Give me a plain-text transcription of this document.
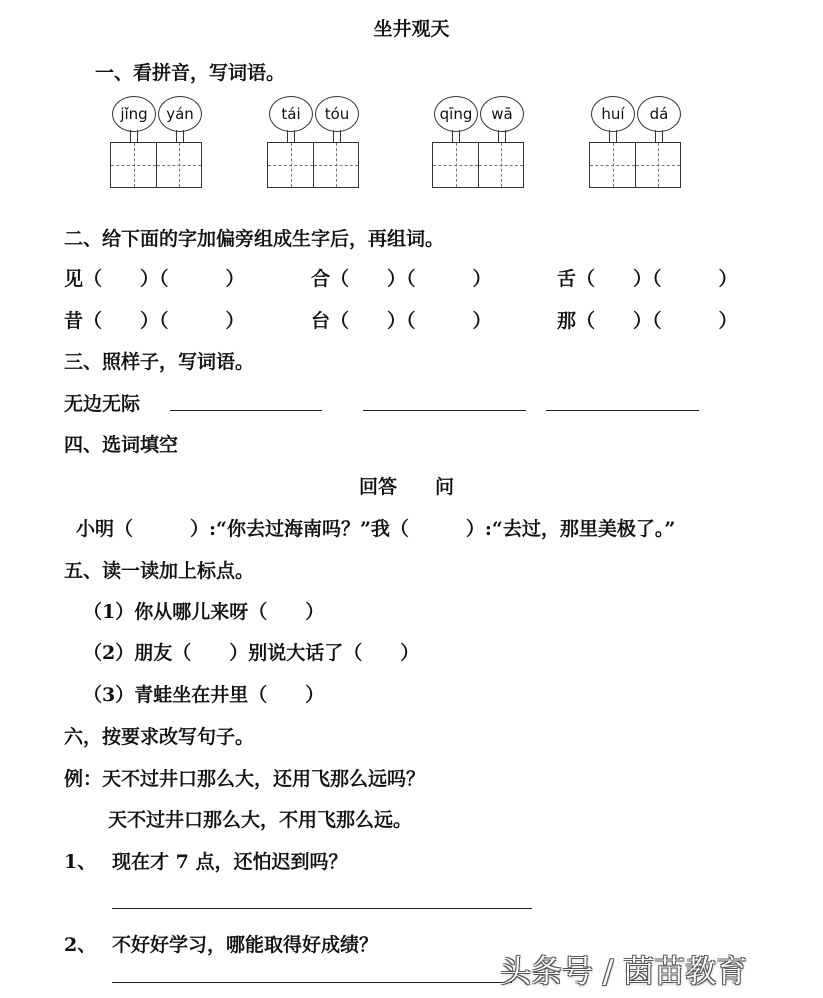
坐井观天
一、看拼音，写词语。
jǐng	yán	tái	tóu	qīng	wā	huí	dá
二、给下面的字加偏旁组成生字后，再组词。
见（　　）（　　　）	合（　　）（　　　）	舌（　　）（　　　）
昔（　　）（　　　）	台（　　）（　　　）	那（　　）（　　　）
三、照样子，写词语。
无边无际
四、选词填空
回答　　问
小明（　　　）:“你去过海南吗？”我（　　　）:“去过，那里美极了。”
五、读一读加上标点。
（1）你从哪儿来呀（　　）
（2）朋友（　　）别说大话了（　　）
（3）青蛙坐在井里（　　）
六，按要求改写句子。
例：天不过井口那么大，还用飞那么远吗？
天不过井口那么大，不用飞那么远。
1、 现在才 7 点，还怕迟到吗？
2、 不好好学习，哪能取得好成绩？
头条号 / 茵苗教育
